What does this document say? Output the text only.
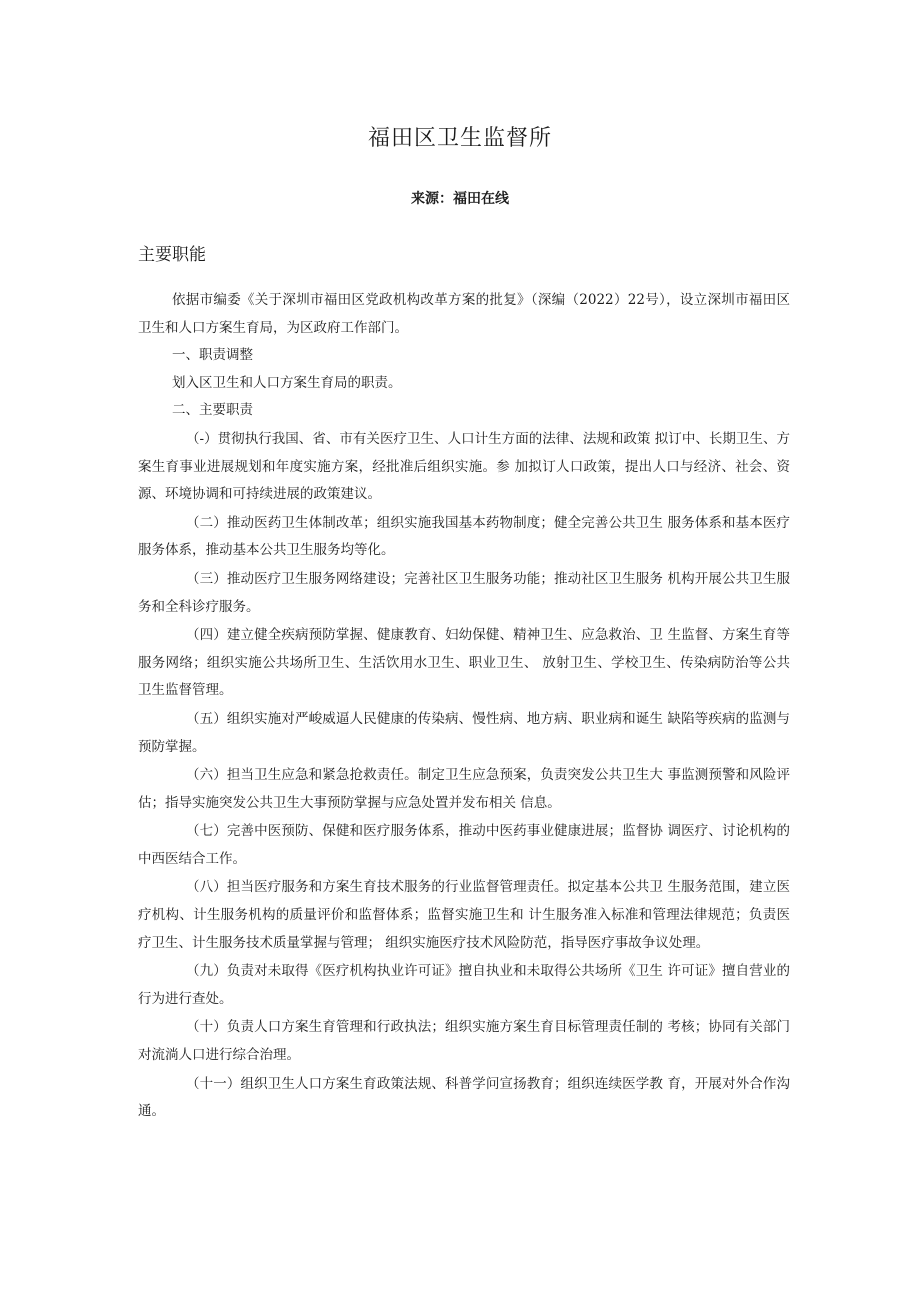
福田区卫生监督所
来源：福田在线
主要职能

依据市编委《关于深圳市福田区党政机构改革方案的批复》（深编（2022）22号），设立深圳市福田区卫生和人口方案生育局，为区政府工作部门。

一、职责调整

划入区卫生和人口方案生育局的职责。

二、主要职责

（-）贯彻执行我国、省、市有关医疗卫生、人口计生方面的法律、法规和政策 拟订中、长期卫生、方案生育事业进展规划和年度实施方案，经批准后组织实施。参 加拟订人口政策，提出人口与经济、社会、资源、环境协调和可持续进展的政策建议。

（二）推动医药卫生体制改革；组织实施我国基本药物制度；健全完善公共卫生 服务体系和基本医疗服务体系，推动基本公共卫生服务均等化。

（三）推动医疗卫生服务网络建设；完善社区卫生服务功能；推动社区卫生服务 机构开展公共卫生服务和全科诊疗服务。

（四）建立健全疾病预防掌握、健康教育、妇幼保健、精神卫生、应急救治、卫 生监督、方案生育等服务网络；组织实施公共场所卫生、生活饮用水卫生、职业卫生、 放射卫生、学校卫生、传染病防治等公共卫生监督管理。

（五）组织实施对严峻威逼人民健康的传染病、慢性病、地方病、职业病和诞生 缺陷等疾病的监测与预防掌握。

（六）担当卫生应急和紧急抢救责任。制定卫生应急预案，负责突发公共卫生大 事监测预警和风险评估；指导实施突发公共卫生大事预防掌握与应急处置并发布相关 信息。

（七）完善中医预防、保健和医疗服务体系，推动中医药事业健康进展；监督协 调医疗、讨论机构的中西医结合工作。

（八）担当医疗服务和方案生育技术服务的行业监督管理责任。拟定基本公共卫 生服务范围，建立医疗机构、计生服务机构的质量评价和监督体系；监督实施卫生和 计生服务准入标准和管理法律规范；负责医疗卫生、计生服务技术质量掌握与管理； 组织实施医疗技术风险防范，指导医疗事故争议处理。

（九）负责对未取得《医疗机构执业许可证》擅自执业和未取得公共场所《卫生 许可证》擅自营业的行为进行查处。

（十）负责人口方案生育管理和行政执法；组织实施方案生育目标管理责任制的 考核；协同有关部门对流淌人口进行综合治理。

（十一）组织卫生人口方案生育政策法规、科普学问宣扬教育；组织连续医学教 育，开展对外合作沟通。
